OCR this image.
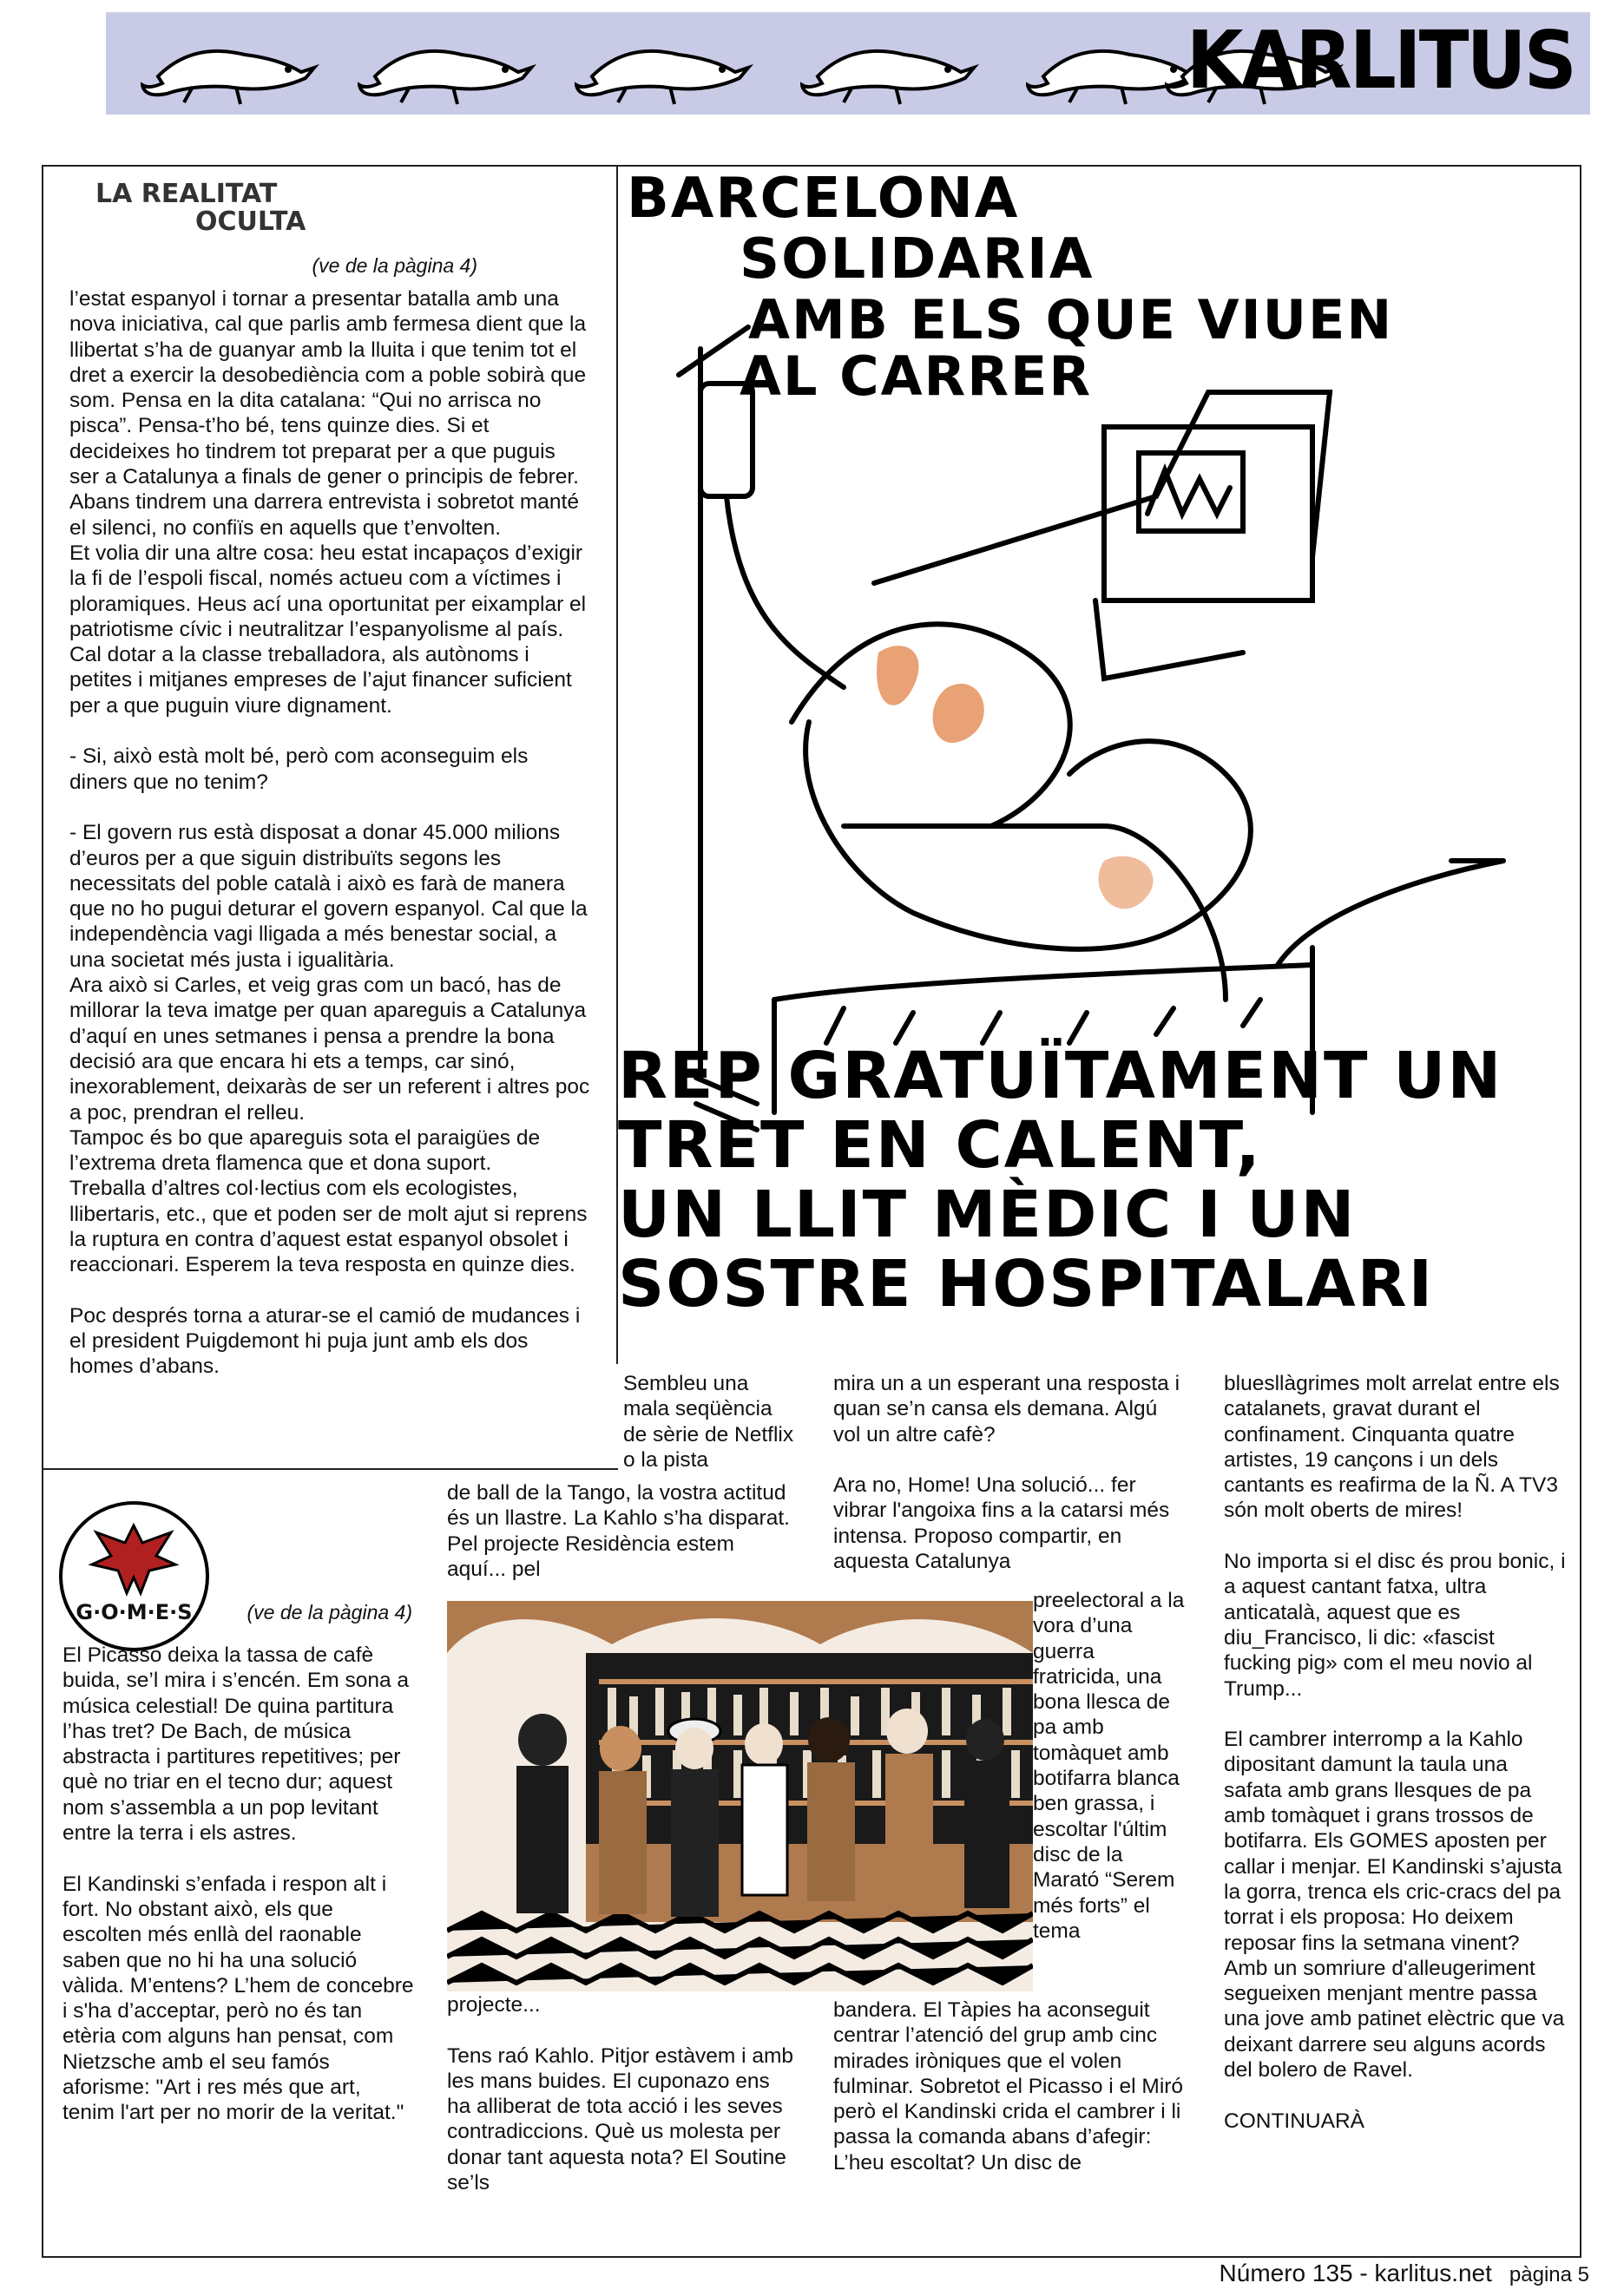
KARLITUS
LA REALITAT
OCULTA
(ve de la pàgina 4)
l’estat espanyol i tornar a presentar batalla amb una nova iniciativa, cal que parlis amb fermesa dient que la llibertat s’ha de guanyar amb la lluita i que tenim tot el dret a exercir la desobediència com a poble sobirà que som. Pensa en la dita catalana: “Qui no arrisca no pisca”. Pensa-t’ho bé, tens quinze dies. Si et decideixes ho tindrem tot preparat per a que puguis ser a Catalunya a finals de gener o principis de febrer. Abans tindrem una darrera entrevista i sobretot manté el silenci, no confiïs en aquells que t’envolten.
Et volia dir una altre cosa: heu estat incapaços d’exigir la fi de l’espoli fiscal, només actueu com a víctimes i ploramiques. Heus ací una oportunitat per eixamplar el patriotisme cívic i neutralitzar l’espanyolisme al país. Cal dotar a la classe treballadora, als autònoms i petites i mitjanes empreses de l’ajut financer suficient per a que puguin viure dignament.

- Si, això està molt bé, però com aconseguim els diners que no tenim?

- El govern rus està disposat a donar 45.000 milions d’euros per a que siguin distribuïts segons les necessitats del poble català i això es farà de manera que no ho pugui deturar el govern espanyol. Cal que la independència vagi lligada a més benestar social, a una societat més justa i igualitària.
Ara això si Carles, et veig gras com un bacó, has de millorar la teva imatge per quan apareguis a Catalunya d’aquí en unes setmanes i pensa a prendre la bona decisió ara que encara hi ets a temps, car sinó, inexorablement, deixaràs de ser un referent i altres poc a poc, prendran el relleu.
Tampoc és bo que apareguis sota el paraigües de l’extrema dreta flamenca que et dona suport.
Treballa d’altres col·lectius com els ecologistes, llibertaris, etc., que et poden ser de molt ajut si reprens la ruptura en contra d’aquest estat espanyol obsolet i reaccionari. Esperem la teva resposta en quinze dies.

Poc després torna a aturar-se el camió de mudances i el president Puigdemont hi puja junt amb els dos homes d’abans.
BARCELONA
SOLIDARIA
AMB ELS QUE VIUEN
AL CARRER
REP GRATUÏTAMENT UN
TRET EN CALENT,
UN LLIT MÈDIC I UN
SOSTRE HOSPITALARI
G·O·M·E·S	(ve de la pàgina 4)
El Picasso deixa la tassa de cafè buida, se’l mira i s’encén. Em sona a música celestial! De quina partitura l’has tret? De Bach, de música abstracta i partitures repetitives; per què no triar en el tecno dur; aquest nom s’assembla a un pop levitant entre la terra i els astres.

El Kandinski s’enfada i respon alt i fort. No obstant això, els que escolten més enllà del raonable saben que no hi ha una solució vàlida. M’entens? L’hem de concebre i s'ha d’acceptar, però no és tan etèria com alguns han pensat, com Nietzsche amb el seu famós aforisme: "Art i res més que art, tenim l'art per no morir de la veritat."
Sembleu una mala seqüència de sèrie de Netflix o la pista
de ball de la Tango, la vostra actitud és un llastre. La Kahlo s’ha disparat. Pel projecte Residència estem aquí... pel
projecte...

Tens raó Kahlo. Pitjor estàvem i amb les mans buides. El cuponazo ens ha alliberat de tota acció i les seves contradiccions. Què us molesta per donar tant aquesta nota? El Soutine se’ls
mira un a un esperant una resposta i quan se’n cansa els demana. Algú vol un altre cafè?

Ara no, Home! Una solució... fer vibrar l'angoixa fins a la catarsi més intensa. Proposo compartir, en aquesta Catalunya
preelectoral a la vora d’una guerra fratricida, una bona llesca de pa amb tomàquet amb botifarra blanca ben grassa, i escoltar l'últim disc de la Marató “Serem més forts” el tema
bandera. El Tàpies ha aconseguit centrar l’atenció del grup amb cinc mirades iròniques que el volen fulminar. Sobretot el Picasso i el Miró però el Kandinski crida el cambrer i li passa la comanda abans d’afegir: L’heu escoltat? Un disc de
bluesllàgrimes molt arrelat entre els catalanets, gravat durant el confinament. Cinquanta quatre artistes, 19 cançons i un dels cantants es reafirma de la Ñ. A TV3 són molt oberts de mires!

No importa si el disc és prou bonic, i a aquest cantant fatxa, ultra anticatalà, aquest que es diu_Francisco, li dic: «fascist fucking pig» com el meu novio al Trump...

El cambrer interromp a la Kahlo dipositant damunt la taula una safata amb grans llesques de pa amb tomàquet i grans trossos de botifarra. Els GOMES aposten per callar i menjar. El Kandinski s’ajusta la gorra, trenca els cric-cracs del pa torrat i els proposa: Ho deixem reposar fins la setmana vinent? Amb un somriure d'alleugeriment segueixen menjant mentre passa una jove amb patinet elèctric que va deixant darrere seu alguns acords del bolero de Ravel.

CONTINUARÀ
Número 135 - karlitus.net pàgina 5
